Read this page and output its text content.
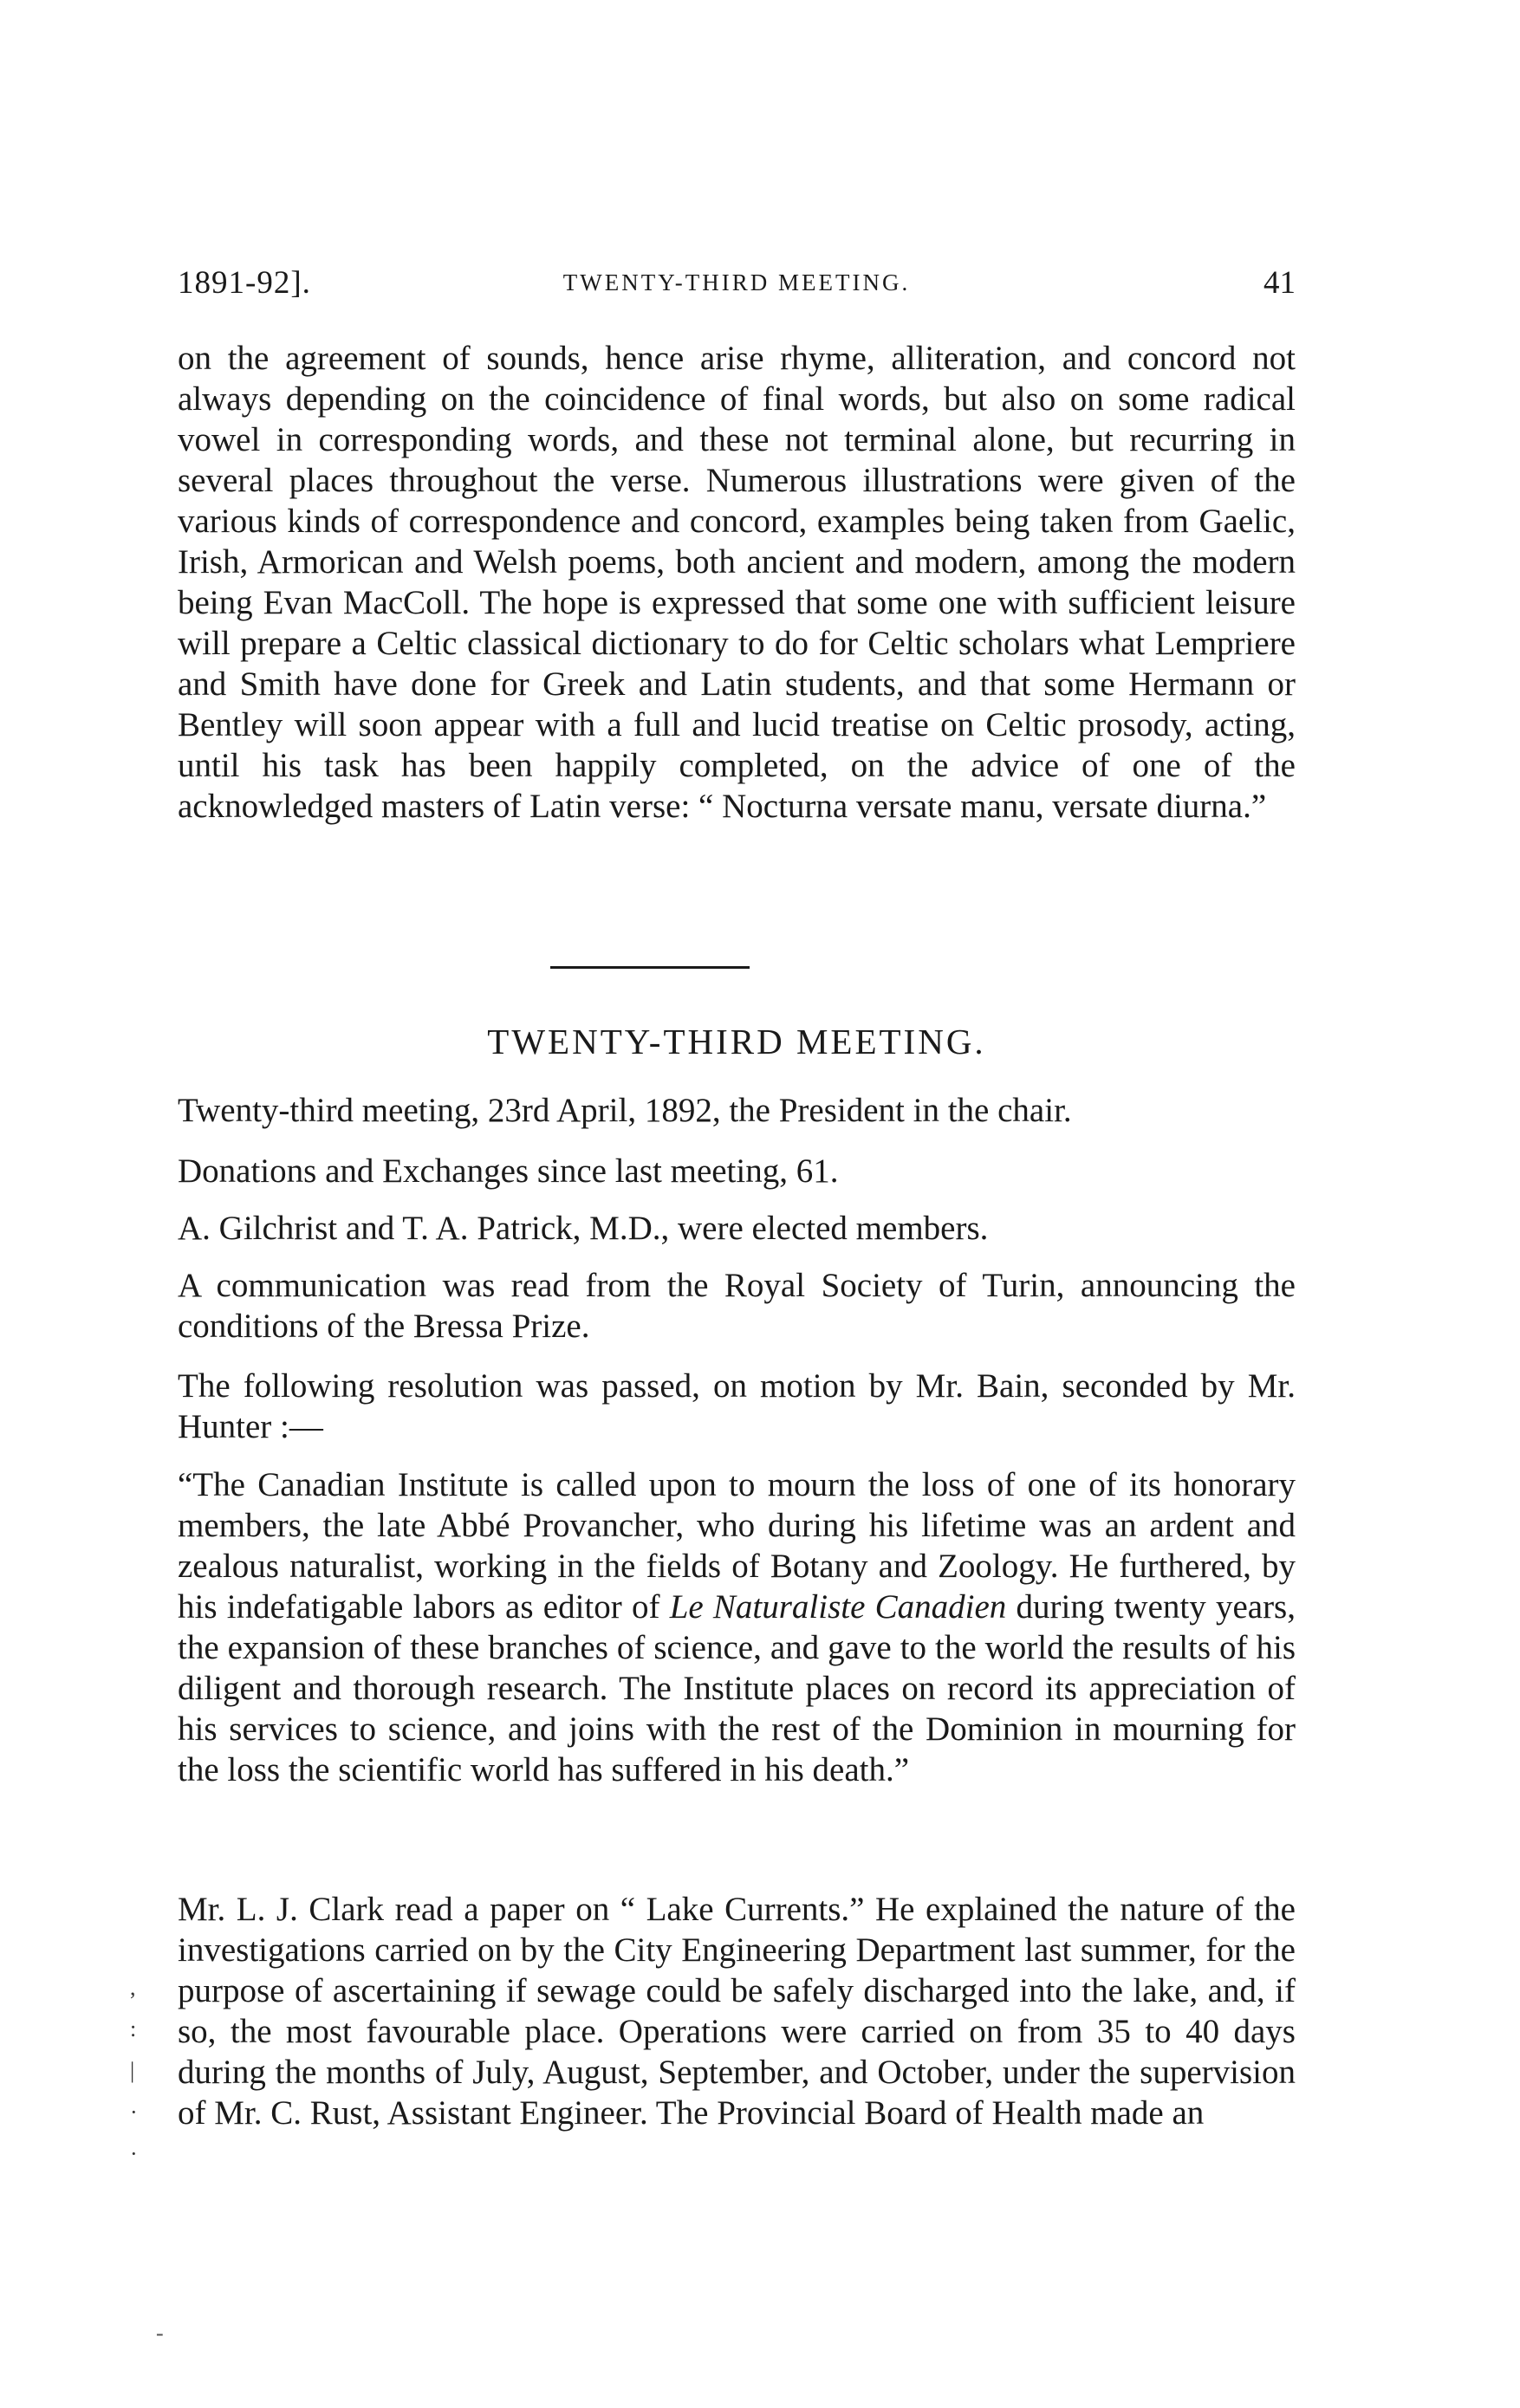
1891-92].	TWENTY-THIRD MEETING.	41

on the agreement of sounds, hence arise rhyme, alliteration, and concord not always depending on the coincidence of final words, but also on some radical vowel in corresponding words, and these not terminal alone, but recurring in several places throughout the verse. Numerous illustrations were given of the various kinds of correspondence and concord, examples being taken from Gaelic, Irish, Armorican and Welsh poems, both ancient and modern, among the modern being Evan MacColl. The hope is expressed that some one with sufficient leisure will prepare a Celtic classical dictionary to do for Celtic scholars what Lempriere and Smith have done for Greek and Latin students, and that some Hermann or Bentley will soon appear with a full and lucid treatise on Celtic prosody, acting, until his task has been happily completed, on the advice of one of the acknowledged masters of Latin verse: “ Nocturna versate manu, versate diurna.”

TWENTY-THIRD MEETING.

Twenty-third meeting, 23rd April, 1892, the President in the chair.

Donations and Exchanges since last meeting, 61.

A. Gilchrist and T. A. Patrick, M.D., were elected members.

A communication was read from the Royal Society of Turin, announcing the conditions of the Bressa Prize.

The following resolution was passed, on motion by Mr. Bain, seconded by Mr. Hunter :—

“The Canadian Institute is called upon to mourn the loss of one of its honorary members, the late Abbé Provancher, who during his lifetime was an ardent and zealous naturalist, working in the fields of Botany and Zoology. He furthered, by his indefatigable labors as editor of Le Naturaliste Canadien during twenty years, the expansion of these branches of science, and gave to the world the results of his diligent and thorough research. The Institute places on record its appreciation of his services to science, and joins with the rest of the Dominion in mourning for the loss the scientific world has suffered in his death.”

Mr. L. J. Clark read a paper on “ Lake Currents.” He explained the nature of the investigations carried on by the City Engineering Department last summer, for the purpose of ascertaining if sewage could be safely discharged into the lake, and, if so, the most favourable place. Operations were carried on from 35 to 40 days during the months of July, August, September, and October, under the supervision of Mr. C. Rust, Assistant Engineer. The Provincial Board of Health made an

,
:
|
·
·
-
